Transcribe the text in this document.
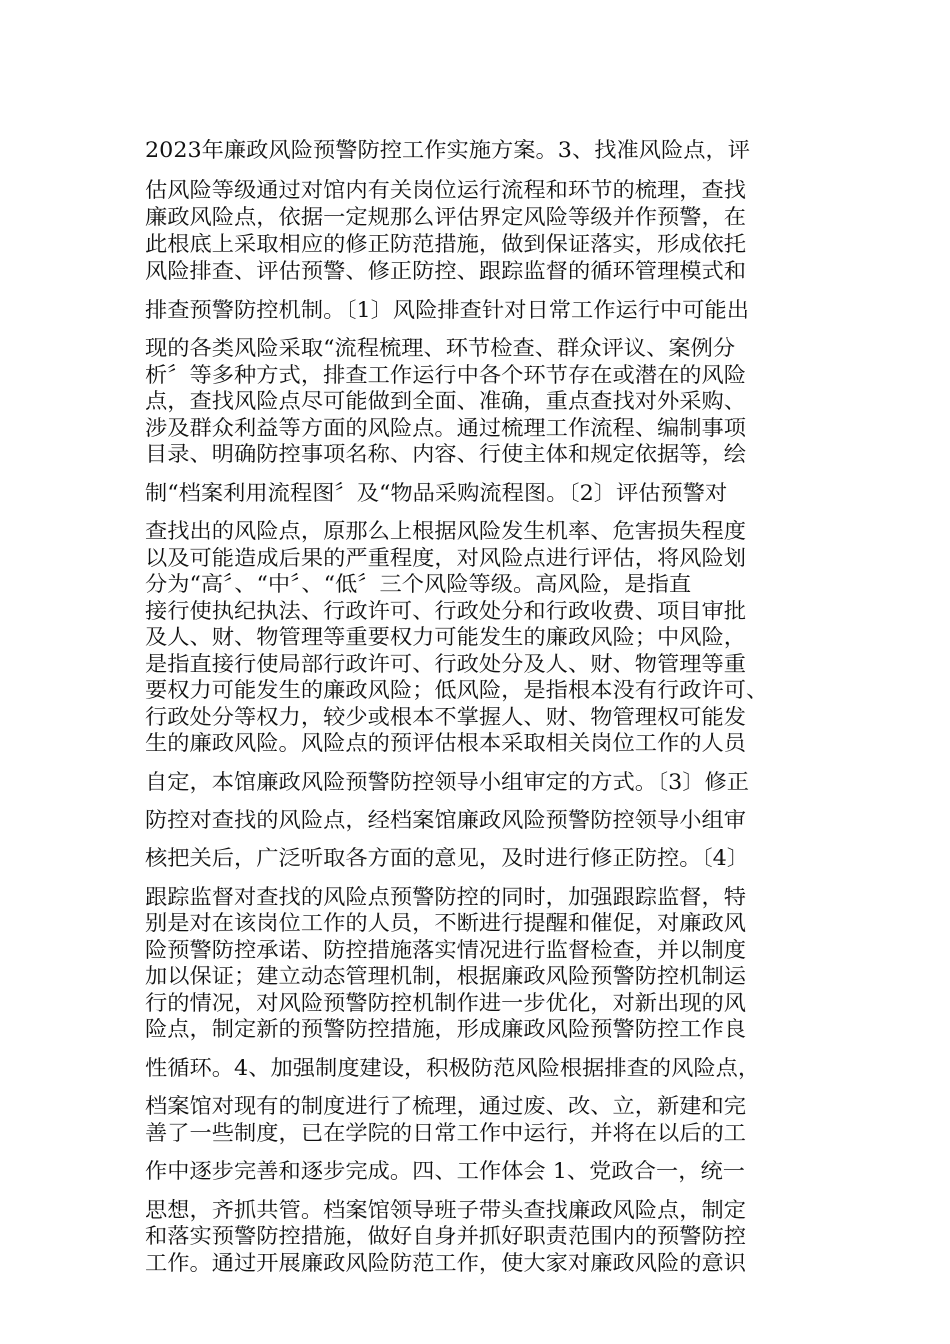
2023年廉政风险预警防控工作实施方案。3、找准风险点，评
估风险等级通过对馆内有关岗位运行流程和环节的梳理，查找
廉政风险点，依据一定规那么评估界定风险等级并作预警，在
此根底上采取相应的修正防范措施，做到保证落实，形成依托
风险排查、评估预警、修正防控、跟踪监督的循环管理模式和
排查预警防控机制。〔1〕风险排查针对日常工作运行中可能出
现的各类风险采取“流程梳理、环节检查、群众评议、案例分
析〞等多种方式，排查工作运行中各个环节存在或潜在的风险
点，查找风险点尽可能做到全面、准确，重点查找对外采购、
涉及群众利益等方面的风险点。通过梳理工作流程、编制事项
目录、明确防控事项名称、内容、行使主体和规定依据等，绘
制“档案利用流程图〞及“物品采购流程图。〔2〕评估预警对
查找出的风险点，原那么上根据风险发生机率、危害损失程度
以及可能造成后果的严重程度，对风险点进行评估，将风险划
分为“高〞、“中〞、“低〞三个风险等级。高风险，是指直
接行使执纪执法、行政许可、行政处分和行政收费、项目审批
及人、财、物管理等重要权力可能发生的廉政风险；中风险，
是指直接行使局部行政许可、行政处分及人、财、物管理等重
要权力可能发生的廉政风险；低风险，是指根本没有行政许可、
行政处分等权力，较少或根本不掌握人、财、物管理权可能发
生的廉政风险。风险点的预评估根本采取相关岗位工作的人员
自定，本馆廉政风险预警防控领导小组审定的方式。〔3〕修正
防控对查找的风险点，经档案馆廉政风险预警防控领导小组审
核把关后，广泛听取各方面的意见，及时进行修正防控。〔4〕
跟踪监督对查找的风险点预警防控的同时，加强跟踪监督，特
别是对在该岗位工作的人员，不断进行提醒和催促，对廉政风
险预警防控承诺、防控措施落实情况进行监督检查，并以制度
加以保证；建立动态管理机制，根据廉政风险预警防控机制运
行的情况，对风险预警防控机制作进一步优化，对新出现的风
险点，制定新的预警防控措施，形成廉政风险预警防控工作良
性循环。4、加强制度建设，积极防范风险根据排查的风险点，
档案馆对现有的制度进行了梳理，通过废、改、立，新建和完
善了一些制度，已在学院的日常工作中运行，并将在以后的工
作中逐步完善和逐步完成。四、工作体会 1、党政合一，统一
思想，齐抓共管。档案馆领导班子带头查找廉政风险点，制定
和落实预警防控措施，做好自身并抓好职责范围内的预警防控
工作。通过开展廉政风险防范工作，使大家对廉政风险的意识
